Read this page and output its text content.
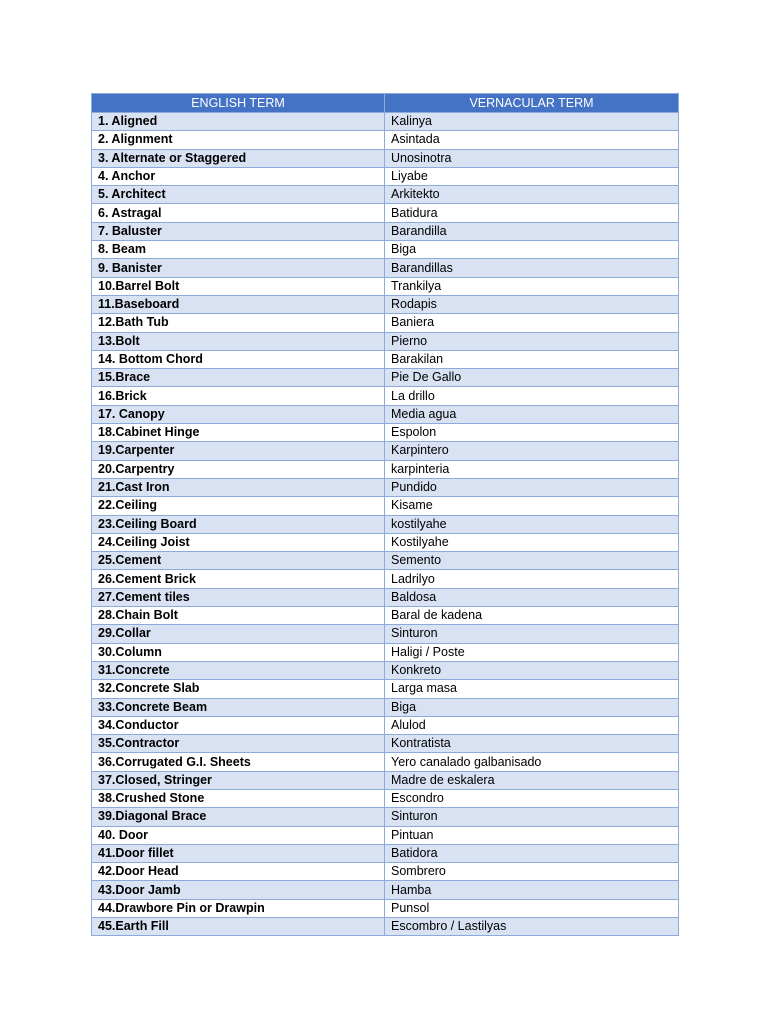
ENGLISH TERM	VERNACULAR TERM
1. Aligned	Kalinya
2. Alignment	Asintada
3. Alternate or Staggered	Unosinotra
4. Anchor	Liyabe
5. Architect	Arkitekto
6. Astragal	Batidura
7. Baluster	Barandilla
8. Beam	Biga
9. Banister	Barandillas
10.Barrel Bolt	Trankilya
11.Baseboard	Rodapis
12.Bath Tub	Baniera
13.Bolt	Pierno
14. Bottom Chord	Barakilan
15.Brace	Pie De Gallo
16.Brick	La drillo
17. Canopy	Media agua
18.Cabinet Hinge	Espolon
19.Carpenter	Karpintero
20.Carpentry	karpinteria
21.Cast Iron	Pundido
22.Ceiling	Kisame
23.Ceiling Board	kostilyahe
24.Ceiling Joist	Kostilyahe
25.Cement	Semento
26.Cement Brick	Ladrilyo
27.Cement tiles	Baldosa
28.Chain Bolt	Baral de kadena
29.Collar	Sinturon
30.Column	Haligi / Poste
31.Concrete	Konkreto
32.Concrete Slab	Larga masa
33.Concrete Beam	Biga
34.Conductor	Alulod
35.Contractor	Kontratista
36.Corrugated G.I. Sheets	Yero canalado galbanisado
37.Closed, Stringer	Madre de eskalera
38.Crushed Stone	Escondro
39.Diagonal Brace	Sinturon
40. Door	Pintuan
41.Door fillet	Batidora
42.Door Head	Sombrero
43.Door Jamb	Hamba
44.Drawbore Pin or Drawpin	Punsol
45.Earth Fill	Escombro / Lastilyas
